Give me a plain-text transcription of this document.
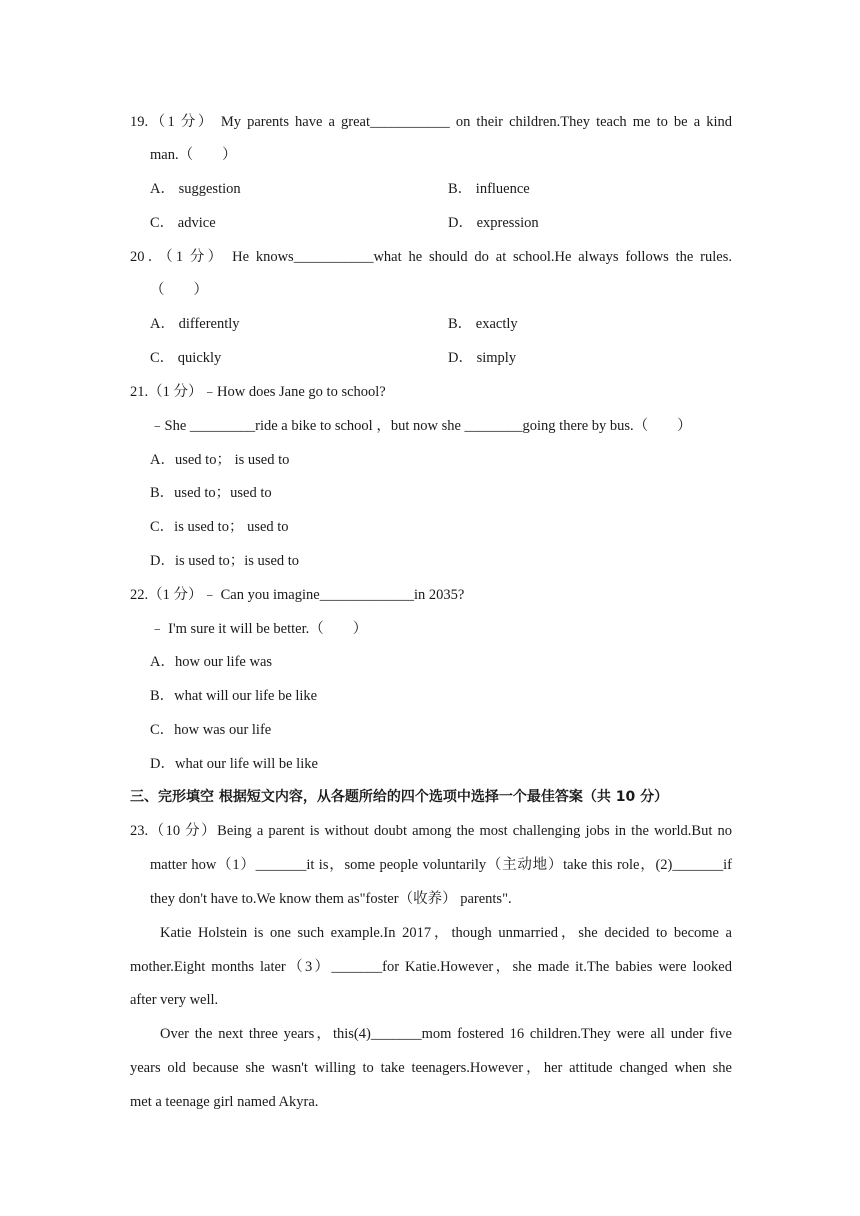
19.（1 分） My parents have a great___________ on their children.They teach me to be a kind
man.（　　）
A． suggestion	B． influence
C． advice	D． expression
20．（1 分） He knows___________what he should do at school.He always follows the rules.
（　　）
A． differently	B． exactly
C． quickly	D． simply
21.（1 分）﹣How does Jane go to school?
﹣She _________ride a bike to school ，but now she ________going there by bus.（　　）
A．used to； is used to
B．used to；used to
C．is used to； used to
D．is used to；is used to
22.（1 分）﹣ Can you imagine_____________in 2035?
﹣ I'm sure it will be better.（　　）
A．how our life was
B．what will our life be like
C．how was our life
D．what our life will be like
三、完形填空 根据短文内容，从各题所给的四个选项中选择一个最佳答案（共 10 分）
23.（10 分）Being a parent is without doubt among the most challenging jobs in the world.But no
matter how（1）_______it is，some people voluntarily（主动地）take this role，(2)_______if
they don't have to.We know them as"foster（收养） parents".
Katie Holstein is one such example.In 2017，though unmarried，she decided to become a
mother.Eight months later（3）_______for Katie.However，she made it.The babies were looked
after very well.
Over the next three years，this(4)_______mom fostered 16 children.They were all under five
years old because she wasn't willing to take teenagers.However，her attitude changed when she
met a teenage girl named Akyra.
